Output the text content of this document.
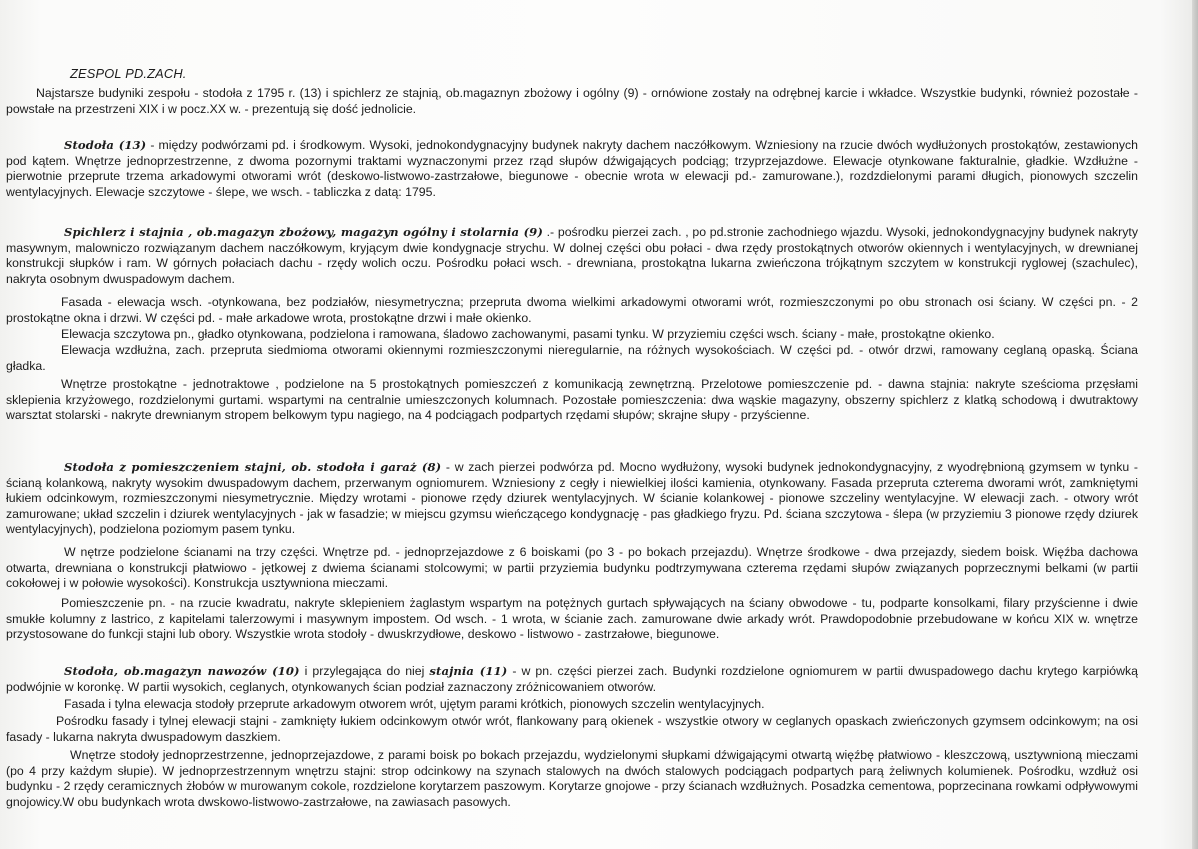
ZESPOL PD.ZACH.

Najstarsze budyniki zespołu - stodoła z 1795 r. (13) i spichlerz ze stajnią, ob.magaznyn zbożowy i ogólny (9) - ornówione zostały na odrębnej karcie i wkładce. Wszystkie budynki, również pozostałe - powstałe na przestrzeni XIX i w pocz.XX w. - prezentują się dość jednolicie.

Stodoła (13) - między podwórzami pd. i środkowym. Wysoki, jednokondygnacyjny budynek nakryty dachem naczółkowym. Wzniesiony na rzucie dwóch wydłużonych prostokątów, zestawionych pod kątem. Wnętrze jednoprzestrzenne, z dwoma pozornymi traktami wyznaczonymi przez rząd słupów dźwigających podciąg; trzyprzejazdowe. Elewacje otynkowane fakturalnie, gładkie. Wzdłużne - pierwotnie przeprute trzema arkadowymi otworami wrót (deskowo-listwowo-zastrzałowe, biegunowe - obecnie wrota w elewacji pd.- zamurowane.), rozdzdielonymi parami długich, pionowych szczelin wentylacyjnych. Elewacje szczytowe - ślepe, we wsch. - tabliczka z datą: 1795.

Spichlerz i stajnia , ob.magazyn zbożowy, magazyn ogólny i stolarnia (9) .- pośrodku pierzei zach. , po pd.stronie zachodniego wjazdu. Wysoki, jednokondygnacyjny budynek nakryty masywnym, malowniczo rozwiązanym dachem naczółkowym, kryjącym dwie kondygnacje strychu. W dolnej części obu połaci - dwa rzędy prostokątnych otworów okiennych i wentylacyjnych, w drewnianej konstrukcji słupków i ram. W górnych połaciach dachu - rzędy wolich oczu. Pośrodku połaci wsch. - drewniana, prostokątna lukarna zwieńczona trójkątnym szczytem w konstrukcji ryglowej (szachulec), nakryta osobnym dwuspadowym dachem.

Fasada - elewacja wsch. -otynkowana, bez podziałów, niesymetryczna; przepruta dwoma wielkimi arkadowymi otworami wrót, rozmieszczonymi po obu stronach osi ściany. W części pn. - 2 prostokątne okna i drzwi. W części pd. - małe arkadowe wrota, prostokątne drzwi i małe okienko.

Elewacja szczytowa pn., gładko otynkowana, podzielona i ramowana, śladowo zachowanymi, pasami tynku. W przyziemiu części wsch. ściany - małe, prostokątne okienko.

Elewacja wzdłużna, zach. przepruta siedmioma otworami okiennymi rozmieszczonymi nieregularnie, na różnych wysokościach. W części pd. - otwór drzwi, ramowany ceglaną opaską. Ściana gładka.

Wnętrze prostokątne - jednotraktowe , podzielone na 5 prostokątnych pomieszczeń z komunikacją zewnętrzną. Przelotowe pomieszczenie pd. - dawna stajnia: nakryte sześcioma przęsłami sklepienia krzyżowego, rozdzielonymi gurtami. wspartymi na centralnie umieszczonych kolumnach. Pozostałe pomieszczenia: dwa wąskie magazyny, obszerny spichlerz z klatką schodową i dwutraktowy warsztat stolarski - nakryte drewnianym stropem belkowym typu nagiego, na 4 podciągach podpartych rzędami słupów; skrajne słupy - przyścienne.

Stodoła z pomieszczeniem stajni, ob. stodoła i garaż (8) - w zach pierzei podwórza pd. Mocno wydłużony, wysoki budynek jednokondygnacyjny, z wyodrębnioną gzymsem w tynku - ścianą kolankową, nakryty wysokim dwuspadowym dachem, przerwanym ogniomurem. Wzniesiony z cegły i niewielkiej ilości kamienia, otynkowany. Fasada przepruta czterema dworami wrót, zamkniętymi łukiem odcinkowym, rozmieszczonymi niesymetrycznie. Między wrotami - pionowe rzędy dziurek wentylacyjnych. W ścianie kolankowej - pionowe szczeliny wentylacyjne. W elewacji zach. - otwory wrót zamurowane; układ szczelin i dziurek wentylacyjnych - jak w fasadzie; w miejscu gzymsu wieńczącego kondygnację - pas gładkiego fryzu. Pd. ściana szczytowa - ślepa (w przyziemiu 3 pionowe rzędy dziurek wentylacyjnych), podzielona poziomym pasem tynku.

W nętrze podzielone ścianami na trzy części. Wnętrze pd. - jednoprzejazdowe z 6 boiskami (po 3 - po bokach przejazdu). Wnętrze środkowe - dwa przejazdy, siedem boisk. Więźba dachowa otwarta, drewniana o konstrukcji płatwiowo - jętkowej z dwiema ścianami stolcowymi; w partii przyziemia budynku podtrzymywana czterema rzędami słupów związanych poprzecznymi belkami (w partii cokołowej i w połowie wysokości). Konstrukcja usztywniona mieczami.

Pomieszczenie pn. - na rzucie kwadratu, nakryte sklepieniem żaglastym wspartym na potężnych gurtach spływających na ściany obwodowe - tu, podparte konsolkami, filary przyścienne i dwie smukłe kolumny z lastrico, z kapitelami talerzowymi i masywnym impostem. Od wsch. - 1 wrota, w ścianie zach. zamurowane dwie arkady wrót. Prawdopodobnie przebudowane w końcu XIX w. wnętrze przystosowane do funkcji stajni lub obory. Wszystkie wrota stodoły - dwuskrzydłowe, deskowo - listwowo - zastrzałowe, biegunowe.

Stodoła, ob.magazyn nawozów (10) i przylegająca do niej stajnia (11) - w pn. części pierzei zach. Budynki rozdzielone ogniomurem w partii dwuspadowego dachu krytego karpiówką podwójnie w koronkę. W partii wysokich, ceglanych, otynkowanych ścian podział zaznaczony zróżnicowaniem otworów.

Fasada i tylna elewacja stodoły przeprute arkadowym otworem wrót, ujętym parami krótkich, pionowych szczelin wentylacyjnych.

Pośrodku fasady i tylnej elewacji stajni - zamknięty łukiem odcinkowym otwór wrót, flankowany parą okienek - wszystkie otwory w ceglanych opaskach zwieńczonych gzymsem odcinkowym; na osi fasady - lukarna nakryta dwuspadowym daszkiem.

Wnętrze stodoły jednoprzestrzenne, jednoprzejazdowe, z parami boisk po bokach przejazdu, wydzielonymi słupkami dźwigającymi otwartą więźbę płatwiowo - kleszczową, usztywnioną mieczami (po 4 przy każdym słupie). W jednoprzestrzennym wnętrzu stajni: strop odcinkowy na szynach stalowych na dwóch stalowych podciągach podpartych parą żeliwnych kolumienek. Pośrodku, wzdłuż osi budynku - 2 rzędy ceramicznych żłobów w murowanym cokole, rozdzielone korytarzem paszowym. Korytarze gnojowe - przy ścianach wzdłużnych. Posadzka cementowa, poprzecinana rowkami odpływowymi gnojowicy.W obu budynkach wrota dwskowo-listwowo-zastrzałowe, na zawiasach pasowych.
